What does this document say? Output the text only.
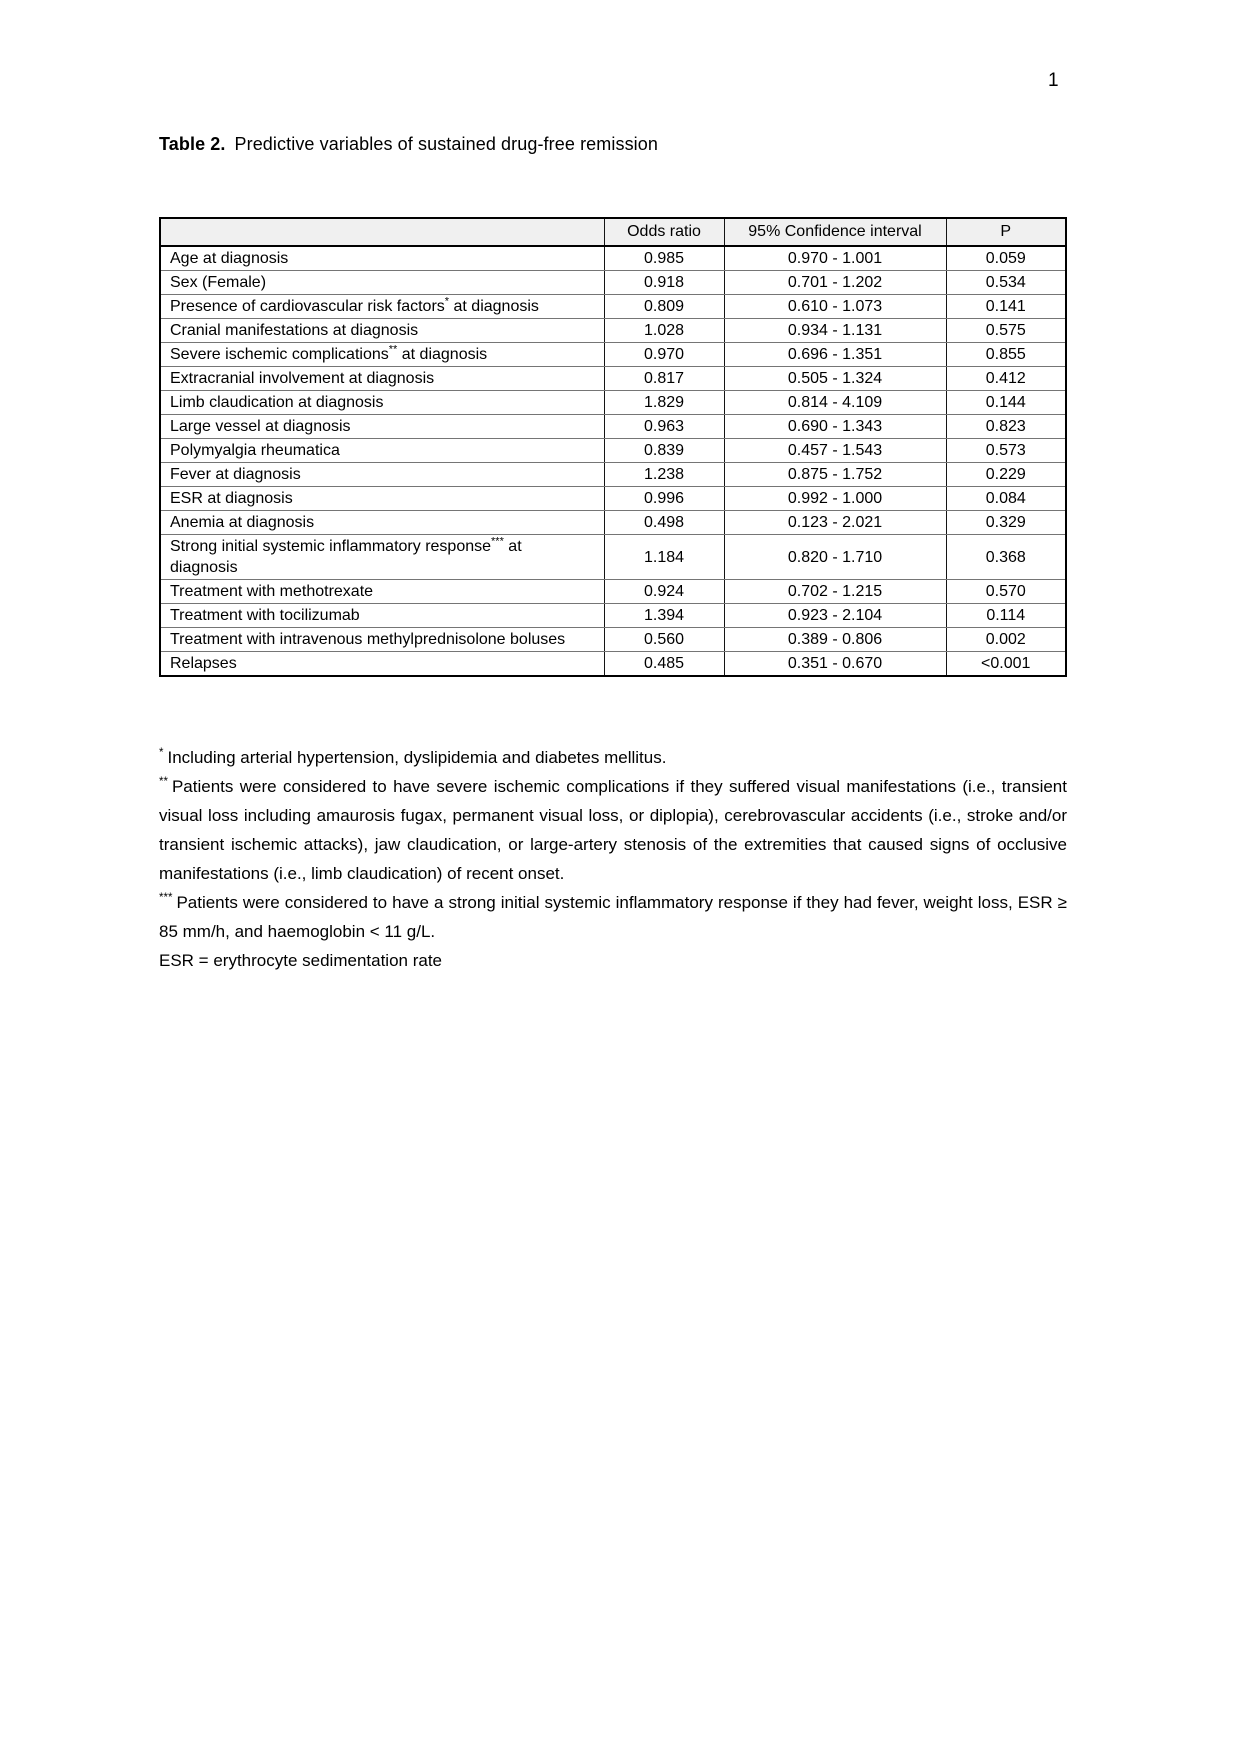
1
Table 2. Predictive variables of sustained drug-free remission
	Odds ratio	95% Confidence interval	P
Age at diagnosis	0.985	0.970 - 1.001	0.059
Sex (Female)	0.918	0.701 - 1.202	0.534
Presence of cardiovascular risk factors* at diagnosis	0.809	0.610 - 1.073	0.141
Cranial manifestations at diagnosis	1.028	0.934 - 1.131	0.575
Severe ischemic complications** at diagnosis	0.970	0.696 - 1.351	0.855
Extracranial involvement at diagnosis	0.817	0.505 - 1.324	0.412
Limb claudication at diagnosis	1.829	0.814 - 4.109	0.144
Large vessel at diagnosis	0.963	0.690 - 1.343	0.823
Polymyalgia rheumatica	0.839	0.457 - 1.543	0.573
Fever at diagnosis	1.238	0.875 - 1.752	0.229
ESR at diagnosis	0.996	0.992 - 1.000	0.084
Anemia at diagnosis	0.498	0.123 - 2.021	0.329
Strong initial systemic inflammatory response*** at diagnosis	1.184	0.820 - 1.710	0.368
Treatment with methotrexate	0.924	0.702 - 1.215	0.570
Treatment with tocilizumab	1.394	0.923 - 2.104	0.114
Treatment with intravenous methylprednisolone boluses	0.560	0.389 - 0.806	0.002
Relapses	0.485	0.351 - 0.670	<0.001

* Including arterial hypertension, dyslipidemia and diabetes mellitus.

** Patients were considered to have severe ischemic complications if they suffered visual manifestations (i.e., transient visual loss including amaurosis fugax, permanent visual loss, or diplopia), cerebrovascular accidents (i.e., stroke and/or transient ischemic attacks), jaw claudication, or large-artery stenosis of the extremities that caused signs of occlusive manifestations (i.e., limb claudication) of recent onset.

*** Patients were considered to have a strong initial systemic inflammatory response if they had fever, weight loss, ESR ≥ 85 mm/h, and haemoglobin < 11 g/L.

ESR = erythrocyte sedimentation rate
